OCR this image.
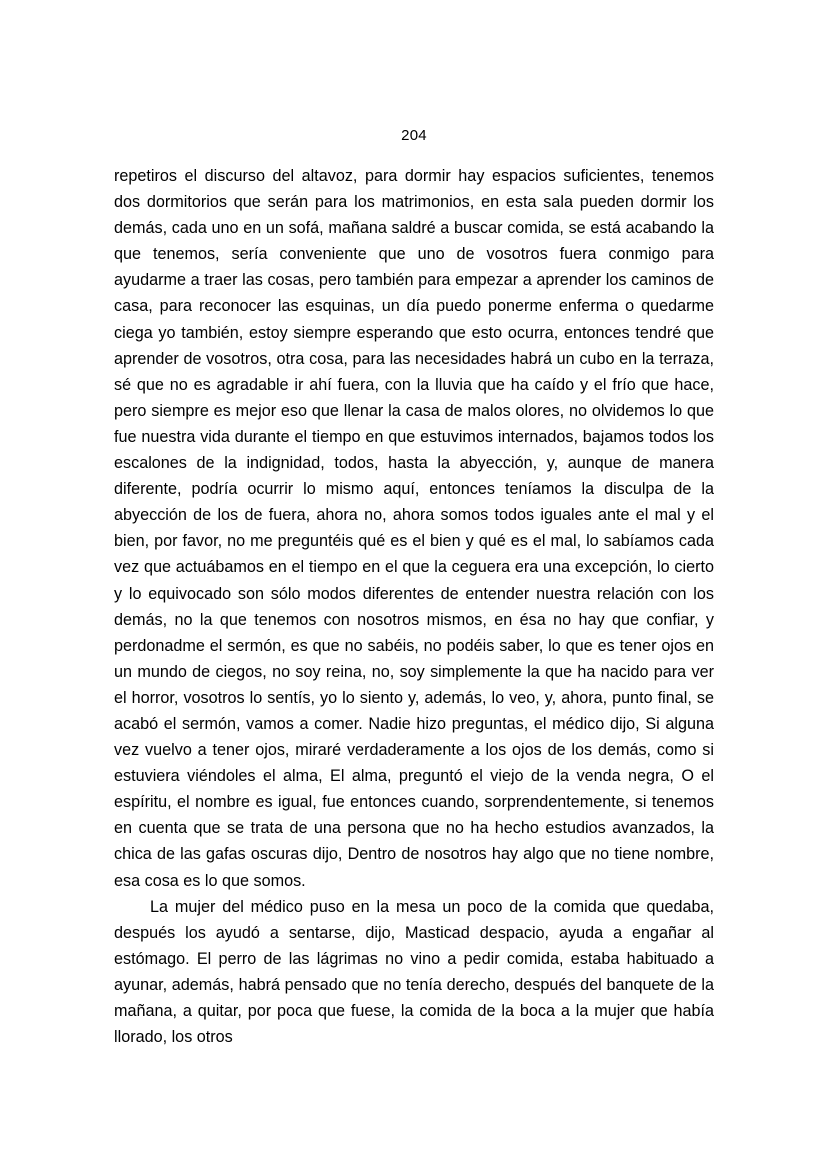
204

repetiros el discurso del altavoz, para dormir hay espacios suficientes, tenemos dos dormitorios que serán para los matrimonios, en esta sala pueden dormir los demás, cada uno en un sofá, mañana saldré a buscar comida, se está acabando la que tenemos, sería conveniente que uno de vosotros fuera conmigo para ayudarme a traer las cosas, pero también para empezar a aprender los caminos de casa, para reconocer las esquinas, un día puedo ponerme enferma o quedarme ciega yo también, estoy siempre esperando que esto ocurra, entonces tendré que aprender de vosotros, otra cosa, para las necesidades habrá un cubo en la terraza, sé que no es agradable ir ahí fuera, con la lluvia que ha caído y el frío que hace, pero siempre es mejor eso que llenar la casa de malos olores, no olvidemos lo que fue nuestra vida durante el tiempo en que estuvimos internados, bajamos todos los escalones de la indignidad, todos, hasta la abyección, y, aunque de manera diferente, podría ocurrir lo mismo aquí, entonces teníamos la disculpa de la abyección de los de fuera, ahora no, ahora somos todos iguales ante el mal y el bien, por favor, no me preguntéis qué es el bien y qué es el mal, lo sabíamos cada vez que actuábamos en el tiempo en el que la ceguera era una excepción, lo cierto y lo equivocado son sólo modos diferentes de entender nuestra relación con los demás, no la que tenemos con nosotros mismos, en ésa no hay que confiar, y perdonadme el sermón, es que no sabéis, no podéis saber, lo que es tener ojos en un mundo de ciegos, no soy reina, no, soy simplemente la que ha nacido para ver el horror, vosotros lo sentís, yo lo siento y, además, lo veo, y, ahora, punto final, se acabó el sermón, vamos a comer. Nadie hizo preguntas, el médico dijo, Si alguna vez vuelvo a tener ojos, miraré verdaderamente a los ojos de los demás, como si estuviera viéndoles el alma, El alma, preguntó el viejo de la venda negra, O el espíritu, el nombre es igual, fue entonces cuando, sorprendentemente, si tenemos en cuenta que se trata de una persona que no ha hecho estudios avanzados, la chica de las gafas oscuras dijo, Dentro de nosotros hay algo que no tiene nombre, esa cosa es lo que somos.

La mujer del médico puso en la mesa un poco de la comida que quedaba, después los ayudó a sentarse, dijo, Masticad despacio, ayuda a engañar al estómago. El perro de las lágrimas no vino a pedir comida, estaba habituado a ayunar, además, habrá pensado que no tenía derecho, después del banquete de la mañana, a quitar, por poca que fuese, la comida de la boca a la mujer que había llorado, los otros
